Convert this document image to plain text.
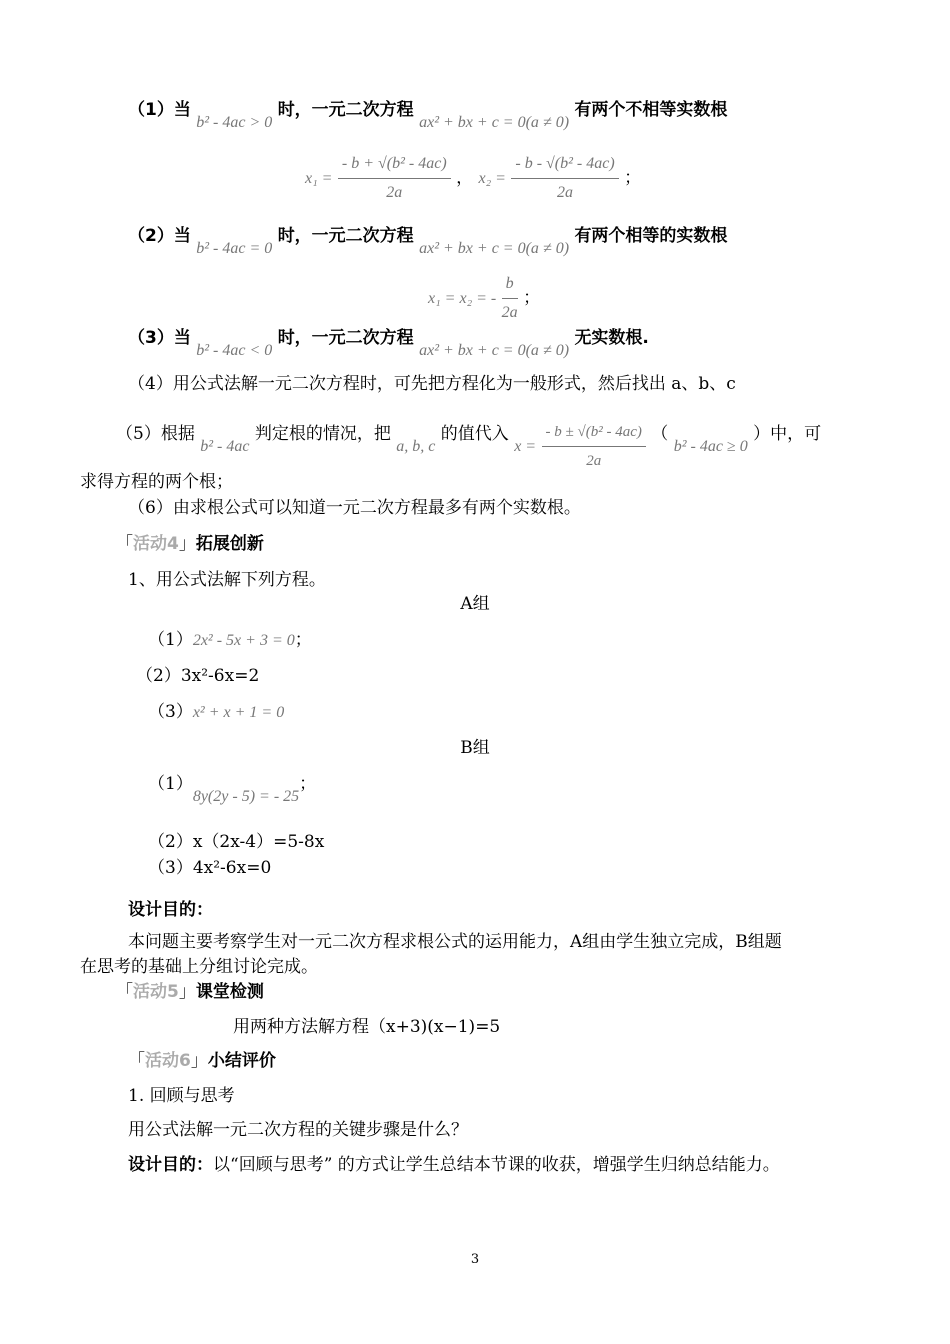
（1）当 b² - 4ac > 0 时，一元二次方程 ax² + bx + c = 0(a ≠ 0) 有两个不相等实数根
$x_1 = \frac{\text{- b + √(b² - 4ac)}}{2a}$ ， $x_2 = \frac{\text{- b - √(b² - 4ac)}}{2a}$ ；
（2）当 b² - 4ac = 0 时，一元二次方程 ax² + bx + c = 0(a ≠ 0) 有两个相等的实数根
x₁ = x₂ = - $\frac{b}{2a}$ ；
（3）当 b² - 4ac < 0 时，一元二次方程 ax² + bx + c = 0(a ≠ 0) 无实数根.
（4）用公式法解一元二次方程时，可先把方程化为一般形式，然后找出 a、b、c
（5）根据 b² - 4ac 判定根的情况，把 a, b, c 的值代入 $x = \frac{\text{- b ± √(b² - 4ac)}}{2a}$ （ b² - 4ac ≥ 0 ）中，可
求得方程的两个根；
（6）由求根公式可以知道一元二次方程最多有两个实数根。
「活动4」拓展创新
1、用公式法解下列方程。
A组
（1）2x² - 5x + 3 = 0；
（2）3x²-6x=2
（3）x² + x + 1 = 0
B组
（1）8y(2y - 5) = - 25；
（2）x（2x-4）=5-8x
（3）4x²-6x=0
设计目的：
本问题主要考察学生对一元二次方程求根公式的运用能力，A组由学生独立完成，B组题
在思考的基础上分组讨论完成。
「活动5」课堂检测
用两种方法解方程（x+3)(x−1)=5
「活动6」小结评价
1. 回顾与思考
用公式法解一元二次方程的关键步骤是什么？
设计目的：以“回顾与思考” 的方式让学生总结本节课的收获，增强学生归纳总结能力。
3
